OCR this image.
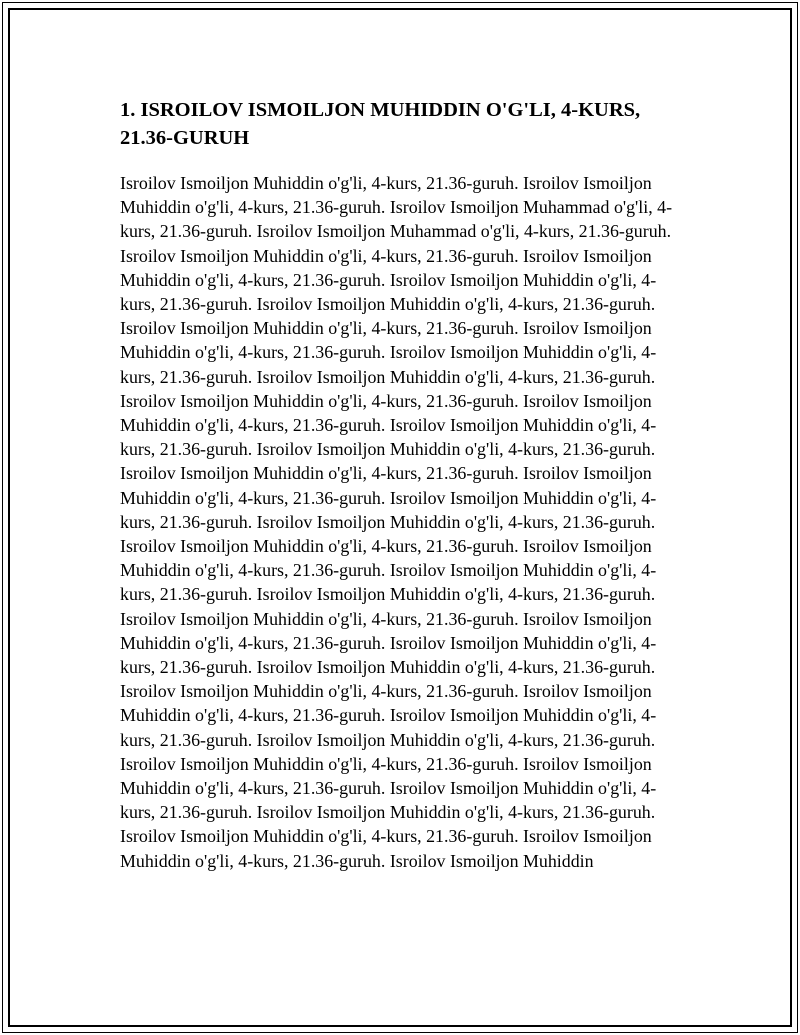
1. ISROILOV ISMOILJON MUHIDDIN O'G'LI, 4-KURS, 21.36-GURUH

Isroilov Ismoiljon Muhiddin o'g'li, 4-kurs, 21.36-guruh. Isroilov Ismoiljon Muhiddin o'g'li, 4-kurs, 21.36-guruh. Isroilov Ismoiljon Muhammad o'g'li, 4-kurs, 21.36-guruh. Isroilov Ismoiljon Muhammad o'g'li, 4-kurs, 21.36-guruh. Isroilov Ismoiljon Muhiddin o'g'li, 4-kurs, 21.36-guruh. Isroilov Ismoiljon Muhiddin o'g'li, 4-kurs, 21.36-guruh. Isroilov Ismoiljon Muhiddin o'g'li, 4-kurs, 21.36-guruh. Isroilov Ismoiljon Muhiddin o'g'li, 4-kurs, 21.36-guruh. Isroilov Ismoiljon Muhiddin o'g'li, 4-kurs, 21.36-guruh. Isroilov Ismoiljon Muhiddin o'g'li, 4-kurs, 21.36-guruh. Isroilov Ismoiljon Muhiddin o'g'li, 4-kurs, 21.36-guruh. Isroilov Ismoiljon Muhiddin o'g'li, 4-kurs, 21.36-guruh. Isroilov Ismoiljon Muhiddin o'g'li, 4-kurs, 21.36-guruh. Isroilov Ismoiljon Muhiddin o'g'li, 4-kurs, 21.36-guruh. Isroilov Ismoiljon Muhiddin o'g'li, 4-kurs, 21.36-guruh. Isroilov Ismoiljon Muhiddin o'g'li, 4-kurs, 21.36-guruh. Isroilov Ismoiljon Muhiddin o'g'li, 4-kurs, 21.36-guruh. Isroilov Ismoiljon Muhiddin o'g'li, 4-kurs, 21.36-guruh. Isroilov Ismoiljon Muhiddin o'g'li, 4-kurs, 21.36-guruh. Isroilov Ismoiljon Muhiddin o'g'li, 4-kurs, 21.36-guruh. Isroilov Ismoiljon Muhiddin o'g'li, 4-kurs, 21.36-guruh. Isroilov Ismoiljon Muhiddin o'g'li, 4-kurs, 21.36-guruh. Isroilov Ismoiljon Muhiddin o'g'li, 4-kurs, 21.36-guruh. Isroilov Ismoiljon Muhiddin o'g'li, 4-kurs, 21.36-guruh. Isroilov Ismoiljon Muhiddin o'g'li, 4-kurs, 21.36-guruh. Isroilov Ismoiljon Muhiddin o'g'li, 4-kurs, 21.36-guruh. Isroilov Ismoiljon Muhiddin o'g'li, 4-kurs, 21.36-guruh. Isroilov Ismoiljon Muhiddin o'g'li, 4-kurs, 21.36-guruh. Isroilov Ismoiljon Muhiddin o'g'li, 4-kurs, 21.36-guruh. Isroilov Ismoiljon Muhiddin o'g'li, 4-kurs, 21.36-guruh. Isroilov Ismoiljon Muhiddin o'g'li, 4-kurs, 21.36-guruh. Isroilov Ismoiljon Muhiddin o'g'li, 4-kurs, 21.36-guruh. Isroilov Ismoiljon Muhiddin o'g'li, 4-kurs, 21.36-guruh. Isroilov Ismoiljon Muhiddin o'g'li, 4-kurs, 21.36-guruh. Isroilov Ismoiljon Muhiddin o'g'li, 4-kurs, 21.36-guruh. Isroilov Ismoiljon Muhiddin o'g'li, 4-kurs, 21.36-guruh. Isroilov Ismoiljon Muhiddin o'g'li, 4-kurs, 21.36-guruh. Isroilov Ismoiljon Muhiddin o'g'li, 4-kurs, 21.36-guruh. Isroilov Ismoiljon Muhiddin
